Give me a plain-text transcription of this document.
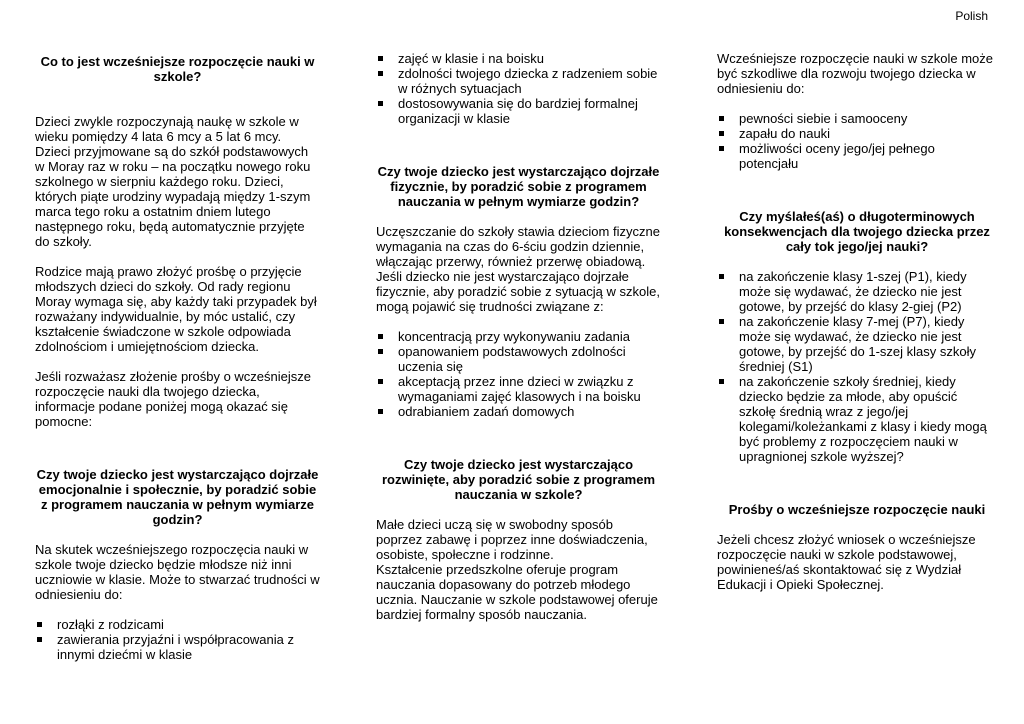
Polish
Co to jest wcześniejsze rozpoczęcie nauki w szkole?

Dzieci zwykle rozpoczynają naukę w szkole w wieku pomiędzy 4 lata 6 mcy a 5 lat 6 mcy. Dzieci przyjmowane są do szkół podstawowych w Moray raz w roku – na początku nowego roku szkolnego w sierpniu każdego roku. Dzieci, których piąte urodziny wypadają między 1-szym marca tego roku a ostatnim dniem lutego następnego roku, będą automatycznie przyjęte do szkoły.

Rodzice mają prawo złożyć prośbę o przyjęcie młodszych dzieci do szkoły. Od rady regionu Moray wymaga się, aby każdy taki przypadek był rozważany indywidualnie, by móc ustalić, czy kształcenie świadczone w szkole odpowiada zdolnościom i umiejętnościom dziecka.

Jeśli rozważasz złożenie prośby o wcześniejsze rozpoczęcie nauki dla twojego dziecka, informacje podane poniżej mogą okazać się pomocne:

Czy twoje dziecko jest wystarczająco dojrzałe emocjonalnie i społecznie, by poradzić sobie z programem nauczania w pełnym wymiarze godzin?

Na skutek wcześniejszego rozpoczęcia nauki w szkole twoje dziecko będzie młodsze niż inni uczniowie w klasie. Może to stwarzać trudności w odniesieniu do:

rozłąki z rodzicami
zawierania przyjaźni i współpracowania z innymi dziećmi w klasie
zajęć w klasie i na boisku
zdolności twojego dziecka z radzeniem sobie w różnych sytuacjach
dostosowywania się do bardziej formalnej organizacji w klasie
Czy twoje dziecko jest wystarczająco dojrzałe fizycznie, by poradzić sobie z programem nauczania w pełnym wymiarze godzin?

Uczęszczanie do szkoły stawia dzieciom fizyczne wymagania na czas do 6-ściu godzin dziennie, włączając przerwy, również przerwę obiadową. Jeśli dziecko nie jest wystarczająco dojrzałe fizycznie, aby poradzić sobie z sytuacją w szkole, mogą pojawić się trudności związane z:

koncentracją przy wykonywaniu zadania
opanowaniem podstawowych zdolności uczenia się
akceptacją przez inne dzieci w związku z wymaganiami zajęć klasowych i na boisku
odrabianiem zadań domowych
Czy twoje dziecko jest wystarczająco rozwinięte, aby poradzić sobie z programem nauczania w szkole?

Małe dzieci uczą się w swobodny sposób poprzez zabawę i poprzez inne doświadczenia, osobiste, społeczne i rodzinne.

Kształcenie przedszkolne oferuje program nauczania dopasowany do potrzeb młodego ucznia. Nauczanie w szkole podstawowej oferuje bardziej formalny sposób nauczania.

Wcześniejsze rozpoczęcie nauki w szkole może być szkodliwe dla rozwoju twojego dziecka w odniesieniu do:

pewności siebie i samooceny
zapału do nauki
możliwości oceny jego/jej pełnego potencjału
Czy myślałeś(aś) o długoterminowych konsekwencjach dla twojego dziecka przez cały tok jego/jej nauki?
na zakończenie klasy 1-szej (P1), kiedy może się wydawać, że dziecko nie jest gotowe, by przejść do klasy 2-giej (P2)
na zakończenie klasy 7-mej (P7), kiedy może się wydawać, że dziecko nie jest gotowe, by przejść do 1-szej klasy szkoły średniej (S1)
na zakończenie szkoły średniej, kiedy dziecko będzie za młode, aby opuścić szkołę średnią wraz z jego/jej kolegami/koleżankami z klasy i kiedy mogą być problemy z rozpoczęciem nauki w upragnionej szkole wyższej?
Prośby o wcześniejsze rozpoczęcie nauki

Jeżeli chcesz złożyć wniosek o wcześniejsze rozpoczęcie nauki w szkole podstawowej, powinieneś/aś skontaktować się z Wydział Edukacji i Opieki Społecznej.
